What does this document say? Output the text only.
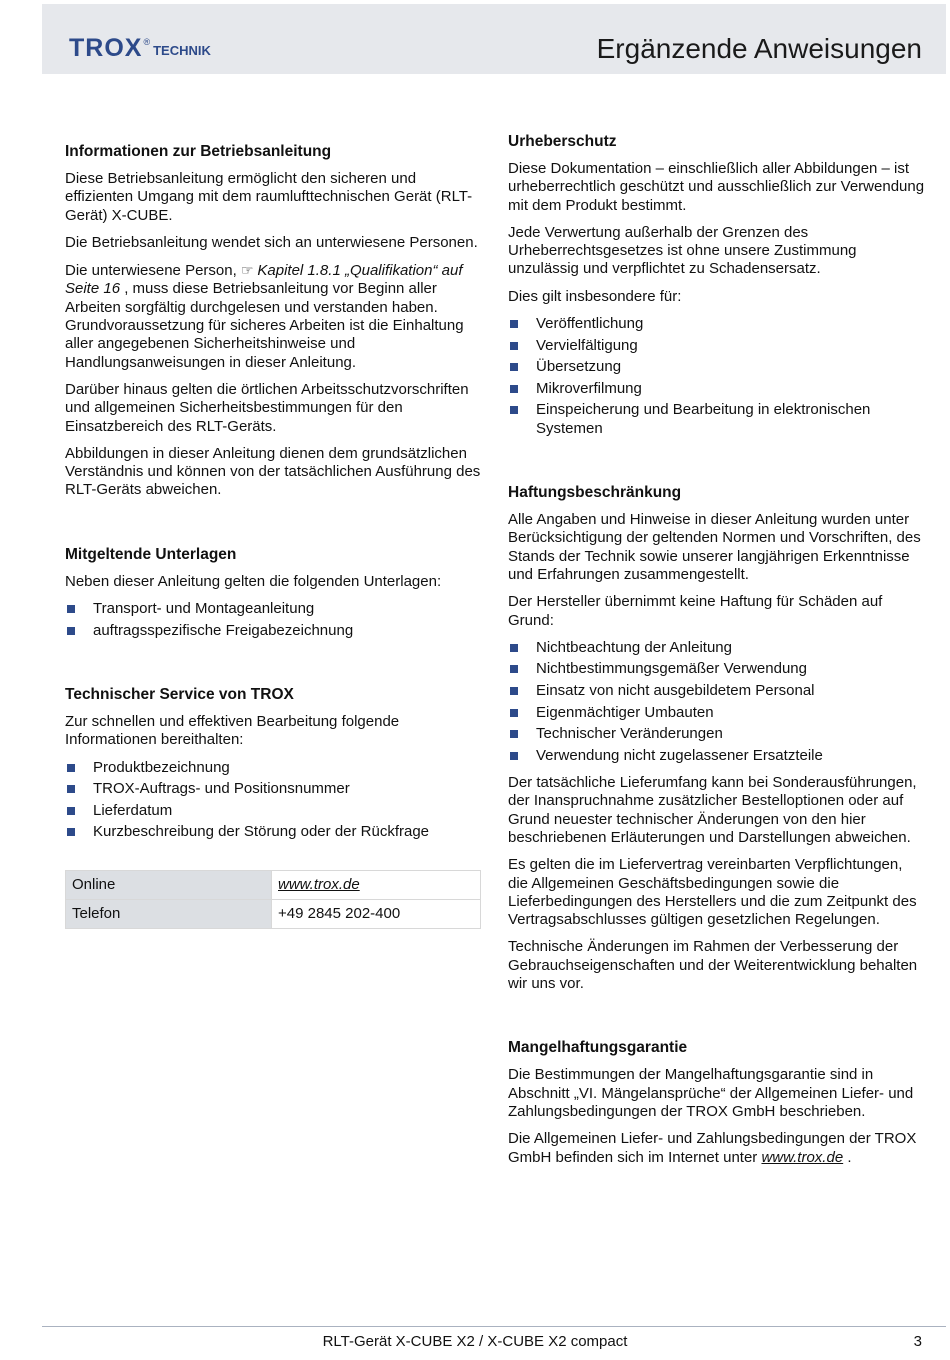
TROX ®
TECHNIK	Ergänzende Anweisungen
Informationen zur Betriebsanleitung

Diese Betriebsanleitung ermöglicht den sicheren und effizienten Umgang mit dem raumlufttechnischen Gerät (RLT-Gerät) X-CUBE.

Die Betriebsanleitung wendet sich an unterwiesene Personen.

Die unterwiesene Person, ☞ Kapitel 1.8.1 „Qualifikation“ auf Seite 16 , muss diese Betriebsanleitung vor Beginn aller Arbeiten sorgfältig durchgelesen und verstanden haben. Grundvoraussetzung für sicheres Arbeiten ist die Einhaltung aller angegebenen Sicherheitshinweise und Handlungsanweisungen in dieser Anleitung.

Darüber hinaus gelten die örtlichen Arbeitsschutzvorschriften und allgemeinen Sicherheitsbestimmungen für den Einsatzbereich des RLT-Geräts.

Abbildungen in dieser Anleitung dienen dem grundsätzlichen Verständnis und können von der tatsächlichen Ausführung des RLT-Geräts abweichen.

Mitgeltende Unterlagen

Neben dieser Anleitung gelten die folgenden Unterlagen:

Transport- und Montageanleitung
auftragsspezifische Freigabezeichnung
Technischer Service von TROX

Zur schnellen und effektiven Bearbeitung folgende Informationen bereithalten:

Produktbezeichnung
TROX-Auftrags- und Positionsnummer
Lieferdatum
Kurzbeschreibung der Störung oder der Rückfrage
Online	www.trox.de
Telefon	+49 2845 202-400
Urheberschutz

Diese Dokumentation – einschließlich aller Abbildungen – ist urheberrechtlich geschützt und ausschließlich zur Verwendung mit dem Produkt bestimmt.

Jede Verwertung außerhalb der Grenzen des Urheberrechtsgesetzes ist ohne unsere Zustimmung unzulässig und verpflichtet zu Schadensersatz.

Dies gilt insbesondere für:

Veröffentlichung
Vervielfältigung
Übersetzung
Mikroverfilmung
Einspeicherung und Bearbeitung in elektronischen Systemen
Haftungsbeschränkung

Alle Angaben und Hinweise in dieser Anleitung wurden unter Berücksichtigung der geltenden Normen und Vorschriften, des Stands der Technik sowie unserer langjährigen Erkenntnisse und Erfahrungen zusammengestellt.

Der Hersteller übernimmt keine Haftung für Schäden auf Grund:

Nichtbeachtung der Anleitung
Nichtbestimmungsgemäßer Verwendung
Einsatz von nicht ausgebildetem Personal
Eigenmächtiger Umbauten
Technischer Veränderungen
Verwendung nicht zugelassener Ersatzteile

Der tatsächliche Lieferumfang kann bei Sonderausführungen, der Inanspruchnahme zusätzlicher Bestelloptionen oder auf Grund neuester technischer Änderungen von den hier beschriebenen Erläuterungen und Darstellungen abweichen.

Es gelten die im Liefervertrag vereinbarten Verpflichtungen, die Allgemeinen Geschäftsbedingungen sowie die Lieferbedingungen des Herstellers und die zum Zeitpunkt des Vertragsabschlusses gültigen gesetzlichen Regelungen.

Technische Änderungen im Rahmen der Verbesserung der Gebrauchseigenschaften und der Weiterentwicklung behalten wir uns vor.

Mangelhaftungsgarantie

Die Bestimmungen der Mangelhaftungsgarantie sind in Abschnitt „VI. Mängelansprüche“ der Allgemeinen Liefer- und Zahlungsbedingungen der TROX GmbH beschrieben.

Die Allgemeinen Liefer- und Zahlungsbedingungen der TROX GmbH befinden sich im Internet unter www.trox.de .

RLT-Gerät X-CUBE X2 / X-CUBE X2 compact	3
